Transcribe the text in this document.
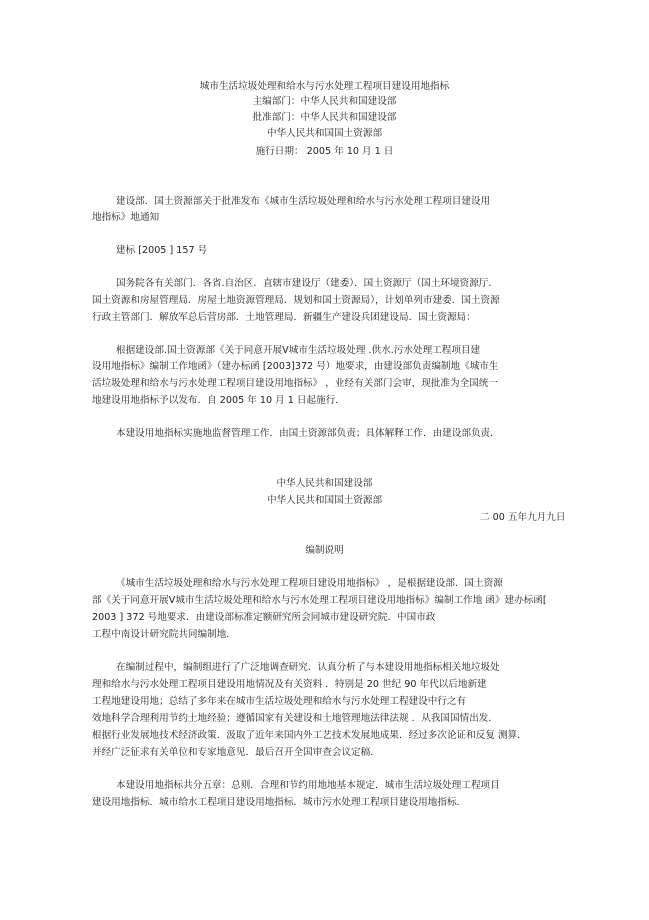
城市生活垃圾处理和给水与污水处理工程项目建设用地指标
主编部门：中华人民共和国建设部
批准部门：中华人民共和国建设部
中华人民共和国国土资源部
施行日期： 2005 年 10 月 1 日
建设部．国土资源部关于批准发布《城市生活垃圾处理和给水与污水处理工程项目建设用
地指标》地通知
建标 [2005 ] 157 号
国务院各有关部门．各省.自治区．直辖市建设厅（建委）．国土资源厅（国土环境资源厅．
国土资源和房屋管理局．房屋土地资源管理局．规划和国土资源局），计划单列市建委．国土资源
行政主管部门．解放军总后营房部．土地管理局．新疆生产建设兵团建设局．国土资源局：
根据建设部.国土资源部《关于同意开展V城市生活垃圾处理 .供水.污水处理工程项目建
设用地指标》编制工作地函》（建办标函 [2003]372 号）地要求，由建设部负责编制地《城市生
活垃圾处理和给水与污水处理工程项目建设用地指标》 ，业经有关部门会审，现批准为全国统一
地建设用地指标予以发布．自 2005 年 10 月 1 日起施行．
本建设用地指标实施地监督管理工作．由国土资源部负责；具体解释工作．由建设部负责．
中华人民共和国建设部
中华人民共和国国土资源部
二 00 五年九月九日
编制说明
《城市生活垃圾处理和给水与污水处理工程项目建设用地指标》 ，是根据建设部．国土资源
部《关于同意开展V城市生活垃圾处理和给水与污水处理工程项目建设用地指标》编制工作地 函》建办标函[
2003 ] 372 号地要求．由建设部标准定额研究所会同城市建设研究院．中国市政
工程中南设计研究院共同编制地．
在编制过程中，编制组进行了广泛地调查研究．认真分析了与本建设用地指标相关地垃圾处
理和给水与污水处理工程项目建设用地情况及有关资料 ．特别是 20 世纪 90 年代以后地新建
工程地建设用地；总结了多年来在城市生活垃圾处理和给水与污水处理工程建设中行之有
效地科学合理利用节约土地经验；遵循国家有关建设和土地管理地法律法规 ．从我国国情出发．
根据行业发展地技术经济政策．汲取了近年来国内外工艺技术发展地成果．经过多次论证和反复 测算．
并经广泛征求有关单位和专家地意见．最后召开全国审查会议定稿．
本建设用地指标共分五章：总则．合理和节约用地地基本规定．城市生活垃圾处理工程项目
建设用地指标．城市给水工程项目建设用地指标．城市污水处理工程项目建设用地指标．
